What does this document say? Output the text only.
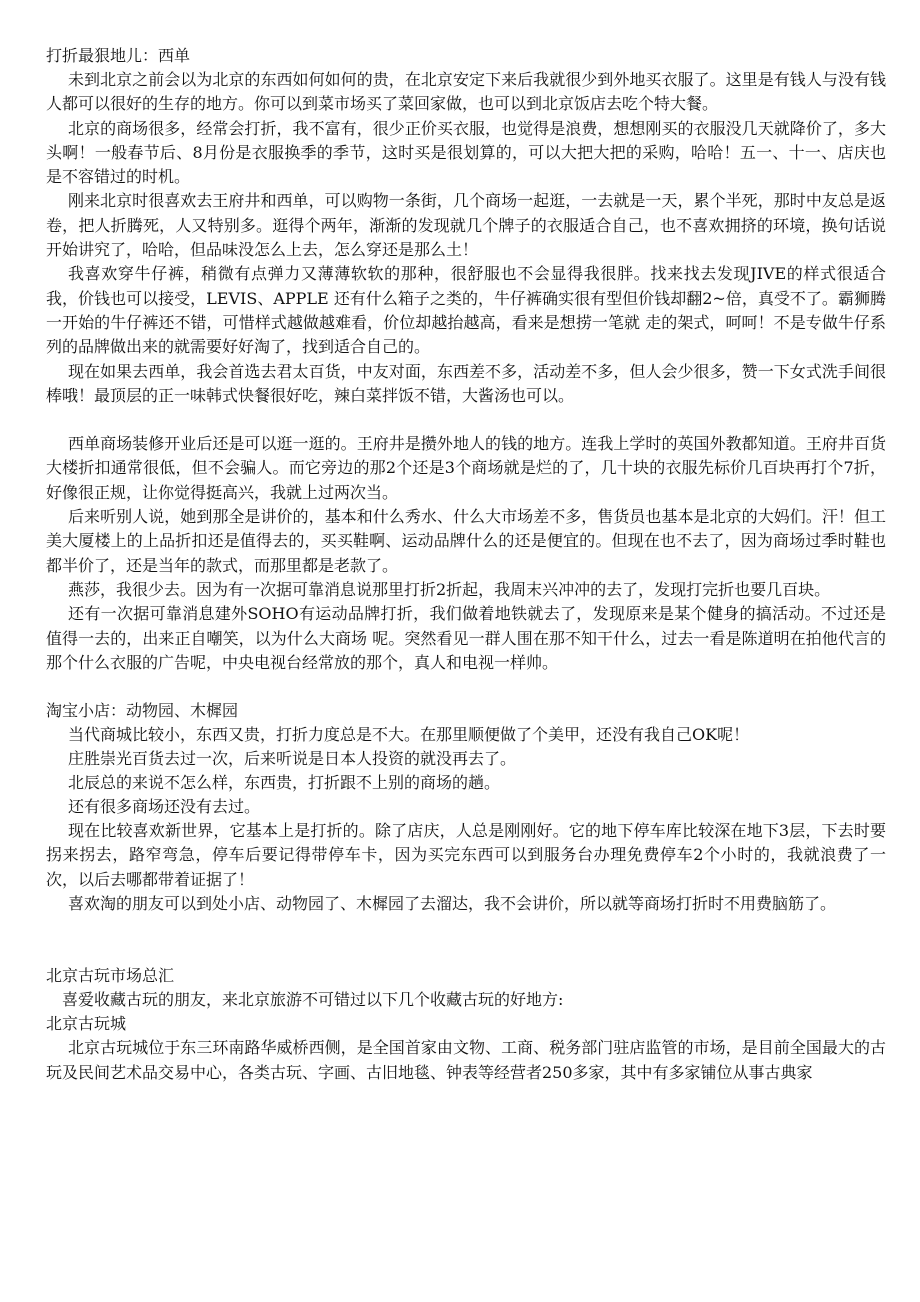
打折最狠地儿：西单

未到北京之前会以为北京的东西如何如何的贵，在北京安定下来后我就很少到外地买衣服了。这里是有钱人与没有钱人都可以很好的生存的地方。你可以到菜市场买了菜回家做，也可以到北京饭店去吃个特大餐。

北京的商场很多，经常会打折，我不富有，很少正价买衣服，也觉得是浪费，想想刚买的衣服没几天就降价了，多大头啊！一般春节后、8月份是衣服换季的季节，这时买是很划算的，可以大把大把的采购，哈哈！五一、十一、店庆也是不容错过的时机。

刚来北京时很喜欢去王府井和西单，可以购物一条街，几个商场一起逛，一去就是一天，累个半死，那时中友总是返卷，把人折腾死，人又特别多。逛得个两年，渐渐的发现就几个牌子的衣服适合自己，也不喜欢拥挤的环境，换句话说开始讲究了，哈哈，但品味没怎么上去，怎么穿还是那么土！

我喜欢穿牛仔裤，稍微有点弹力又薄薄软软的那种，很舒服也不会显得我很胖。找来找去发现JIVE的样式很适合我，价钱也可以接受，LEVIS、APPLE 还有什么箱子之类的，牛仔裤确实很有型但价钱却翻2~倍，真受不了。霸狮腾一开始的牛仔裤还不错，可惜样式越做越难看，价位却越抬越高，看来是想捞一笔就 走的架式，呵呵！不是专做牛仔系列的品牌做出来的就需要好好淘了，找到适合自己的。

现在如果去西单，我会首选去君太百货，中友对面，东西差不多，活动差不多，但人会少很多，赞一下女式洗手间很棒哦！最顶层的正一味韩式快餐很好吃，辣白菜拌饭不错，大酱汤也可以。

西单商场装修开业后还是可以逛一逛的。王府井是攒外地人的钱的地方。连我上学时的英国外教都知道。王府井百货大楼折扣通常很低，但不会骗人。而它旁边的那2个还是3个商场就是烂的了，几十块的衣服先标价几百块再打个7折，好像很正规，让你觉得挺高兴，我就上过两次当。

后来听别人说，她到那全是讲价的，基本和什么秀水、什么大市场差不多，售货员也基本是北京的大妈们。汗！但工美大厦楼上的上品折扣还是值得去的，买买鞋啊、运动品牌什么的还是便宜的。但现在也不去了，因为商场过季时鞋也都半价了，还是当年的款式，而那里都是老款了。

燕莎，我很少去。因为有一次据可靠消息说那里打折2折起，我周末兴冲冲的去了，发现打完折也要几百块。

还有一次据可靠消息建外SOHO有运动品牌打折，我们做着地铁就去了，发现原来是某个健身的搞活动。不过还是值得一去的，出来正自嘲笑，以为什么大商场 呢。突然看见一群人围在那不知干什么，过去一看是陈道明在拍他代言的那个什么衣服的广告呢，中央电视台经常放的那个，真人和电视一样帅。

淘宝小店：动物园、木樨园
当代商城比较小，东西又贵，打折力度总是不大。在那里顺便做了个美甲，还没有我自己OK呢！
庄胜崇光百货去过一次，后来听说是日本人投资的就没再去了。
北辰总的来说不怎么样，东西贵，打折跟不上别的商场的趟。
还有很多商场还没有去过。

现在比较喜欢新世界，它基本上是打折的。除了店庆，人总是刚刚好。它的地下停车库比较深在地下3层，下去时要拐来拐去，路窄弯急，停车后要记得带停车卡，因为买完东西可以到服务台办理免费停车2个小时的，我就浪费了一次，以后去哪都带着证据了！

喜欢淘的朋友可以到处小店、动物园了、木樨园了去溜达，我不会讲价，所以就等商场打折时不用费脑筋了。

北京古玩市场总汇
喜爱收藏古玩的朋友，来北京旅游不可错过以下几个收藏古玩的好地方:
北京古玩城

北京古玩城位于东三环南路华威桥西侧，是全国首家由文物、工商、税务部门驻店监管的市场，是目前全国最大的古玩及民间艺术品交易中心，各类古玩、字画、古旧地毯、钟表等经营者250多家，其中有多家铺位从事古典家
